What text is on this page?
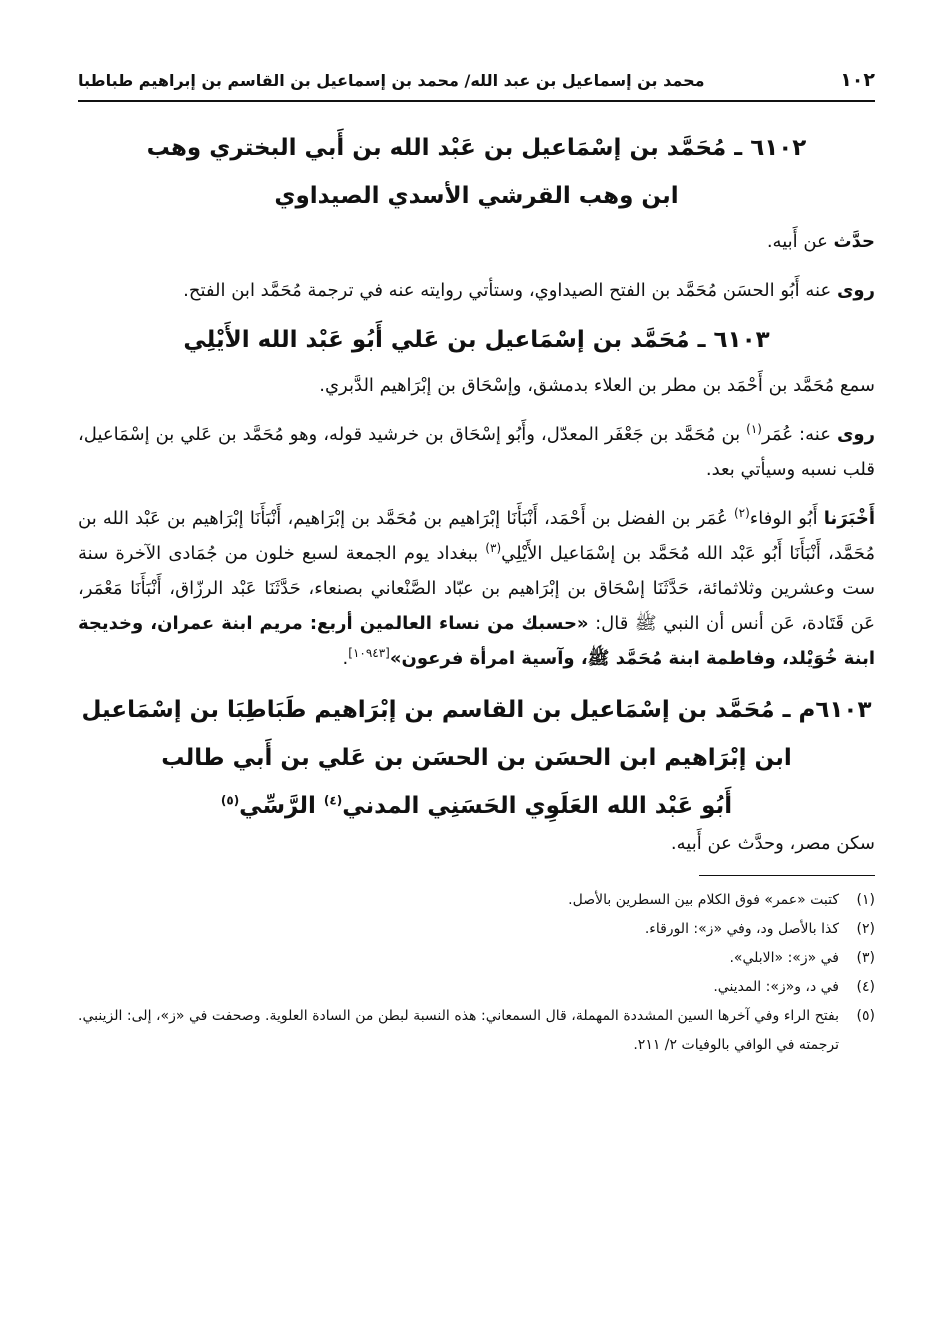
١٠٢
محمد بن إسماعيل بن عبد الله/ محمد بن إسماعيل بن القاسم بن إبراهيم طباطبا
٦١٠٢ ـ مُحَمَّد بن إسْمَاعيل بن عَبْد الله بن أَبي البختري وهب
ابن وهب القرشي الأسدي الصيداوي

حدَّث عن أَبيه.

روى عنه أَبُو الحسَن مُحَمَّد بن الفتح الصيداوي، وستأتي روايته عنه في ترجمة مُحَمَّد ابن الفتح.

٦١٠٣ ـ مُحَمَّد بن إسْمَاعيل بن عَلي أَبُو عَبْد الله الأَيْلِي

سمع مُحَمَّد بن أَحْمَد بن مطر بن العلاء بدمشق، وإسْحَاق بن إبْرَاهيم الدَّبري.

روى عنه: عُمَر$^{(١)}$ بن مُحَمَّد بن جَعْفَر المعدّل، وأَبُو إسْحَاق بن خرشيد قوله، وهو مُحَمَّد بن عَلي بن إسْمَاعيل، قلب نسبه وسيأتي بعد.

أَخْبَرَنا أَبُو الوفاء$^{(٢)}$ عُمَر بن الفضل بن أَحْمَد، أَنْبَأَنَا إبْرَاهيم بن مُحَمَّد بن إبْرَاهيم، أَنْبَأَنَا إبْرَاهيم بن عَبْد الله بن مُحَمَّد، أَنْبَأَنَا أَبُو عَبْد الله مُحَمَّد بن إسْمَاعيل الأَيْلِي$^{(٣)}$ ببغداد يوم الجمعة لسبع خلون من جُمَادى الآخرة سنة ست وعشرين وثلاثمائة، حَدَّثَنَا إسْحَاق بن إبْرَاهيم بن عبّاد الصَّنْعاني بصنعاء، حَدَّثَنَا عَبْد الرزّاق، أَنْبَأَنَا مَعْمَر، عَن قَتَادة، عَن أنس أن النبي ﷺ قال: «حسبك من نساء العالمين أربع: مريم ابنة عمران، وخديجة ابنة خُوَيْلد، وفاطمة ابنة مُحَمَّد ﷺ، وآسية امرأة فرعون»[١٠٩٤٣].

٦١٠٣م ـ مُحَمَّد بن إسْمَاعيل بن القاسم بن إبْرَاهيم طَبَاطِبَا بن إسْمَاعيل
ابن إبْرَاهيم ابن الحسَن بن الحسَن بن عَلي بن أَبي طالب
أَبُو عَبْد الله العَلَوِي الحَسَنِي المدني$^{(٤)}$ الرَّسِّي$^{(٥)}$

سكن مصر، وحدَّث عن أَبيه.

(١)
كتبت «عمر» فوق الكلام بين السطرين بالأصل.
(٢)
كذا بالأصل ود، وفي «ز»: الورقاء.
(٣)
في «ز»: «الابلي».
(٤)
في د، و«ز»: المديني.
(٥)
بفتح الراء وفي آخرها السين المشددة المهملة، قال السمعاني: هذه النسبة لبطن من السادة العلوية. وصحفت في «ز»، إلى: الزينبي. ترجمته في الوافي بالوفيات ٢/ ٢١١.
